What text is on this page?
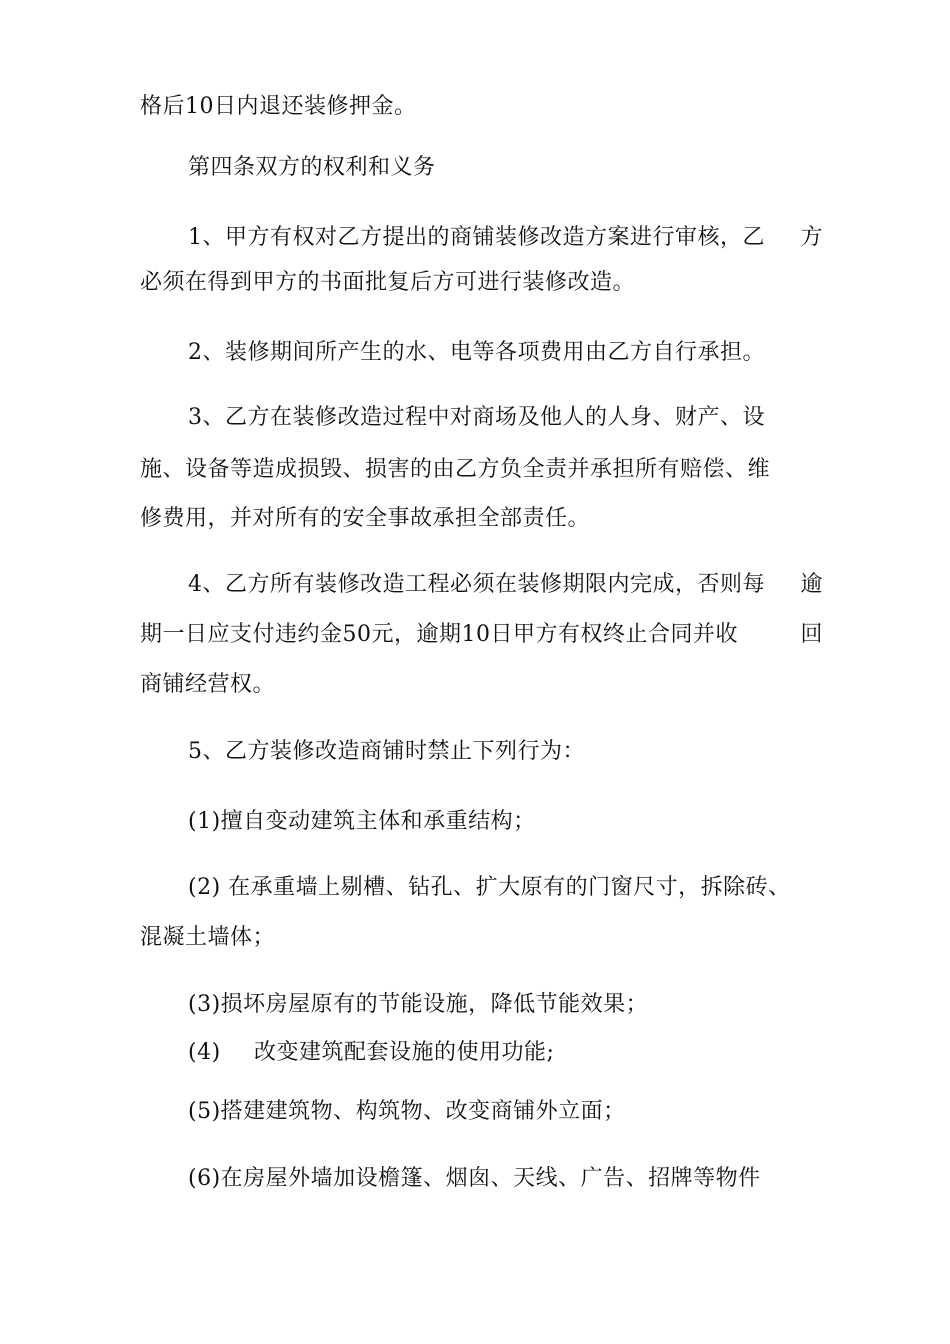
格后10日内退还装修押金。
第四条双方的权利和义务
1、甲方有权对乙方提出的商铺装修改造方案进行审核，乙 方
必须在得到甲方的书面批复后方可进行装修改造。
2、装修期间所产生的水、电等各项费用由乙方自行承担。
3、乙方在装修改造过程中对商场及他人的人身、财产、设
施、设备等造成损毁、损害的由乙方负全责并承担所有赔偿、维
修费用，并对所有的安全事故承担全部责任。
4、乙方所有装修改造工程必须在装修期限内完成，否则每 逾
期一日应支付违约金50元，逾期10日甲方有权终止合同并收	回
商铺经营权。
5、乙方装修改造商铺时禁止下列行为：
(1)擅自变动建筑主体和承重结构；
(2) 在承重墙上剔槽、钻孔、扩大原有的门窗尺寸，拆除砖、
混凝土墙体；
(3)损坏房屋原有的节能设施，降低节能效果；
(4) 改变建筑配套设施的使用功能;
(5)搭建建筑物、构筑物、改变商铺外立面；
(6)在房屋外墙加设檐篷、烟囱、天线、广告、招牌等物件
